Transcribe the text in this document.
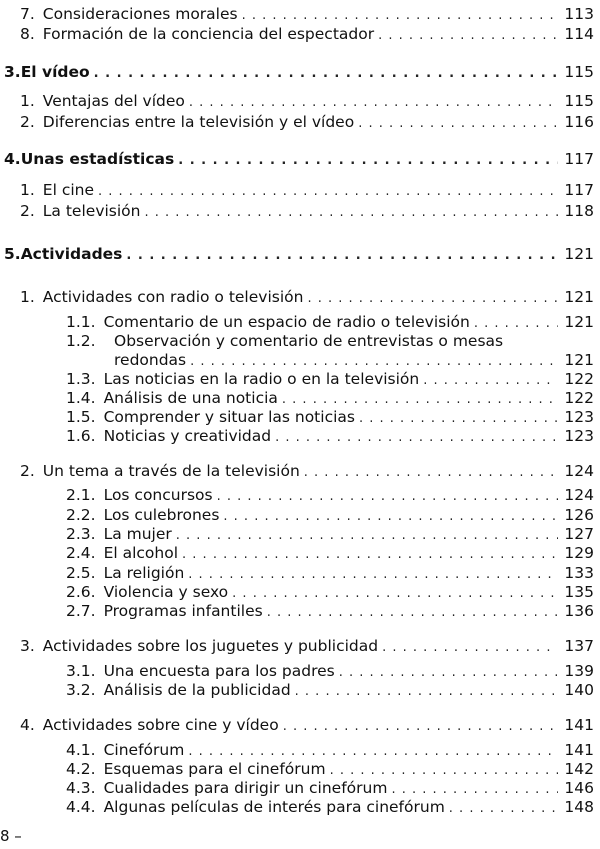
7. Consideraciones morales . . .	113
8. Formación de la conciencia del espectador . . .	114
3. El vídeo . . .	115
1. Ventajas del vídeo . . .	115
2. Diferencias entre la televisión y el vídeo . . .	116
4. Unas estadísticas . . .	117
1. El cine . . .	117
2. La televisión . . .	118
5. Actividades . . .	121
1. Actividades con radio o televisión . . .	121
1.1. Comentario de un espacio de radio o televisión . . .	121
1.2. Observación y comentario de entrevistas o mesas
redondas . . .	121
1.3. Las noticias en la radio o en la televisión . . .	122
1.4. Análisis de una noticia . . .	122
1.5. Comprender y situar las noticias . . .	123
1.6. Noticias y creatividad . . .	123
2. Un tema a través de la televisión . . .	124
2.1. Los concursos . . .	124
2.2. Los culebrones . . .	126
2.3. La mujer . . .	127
2.4. El alcohol . . .	129
2.5. La religión . . .	133
2.6. Violencia y sexo . . .	135
2.7. Programas infantiles . . .	136
3. Actividades sobre los juguetes y publicidad . . .	137
3.1. Una encuesta para los padres . . .	139
3.2. Análisis de la publicidad . . .	140
4. Actividades sobre cine y vídeo . . .	141
4.1. Cinefórum . . .	141
4.2. Esquemas para el cinefórum . . .	142
4.3. Cualidades para dirigir un cinefórum . . .	146
4.4. Algunas películas de interés para cinefórum . . .	148
8 –
